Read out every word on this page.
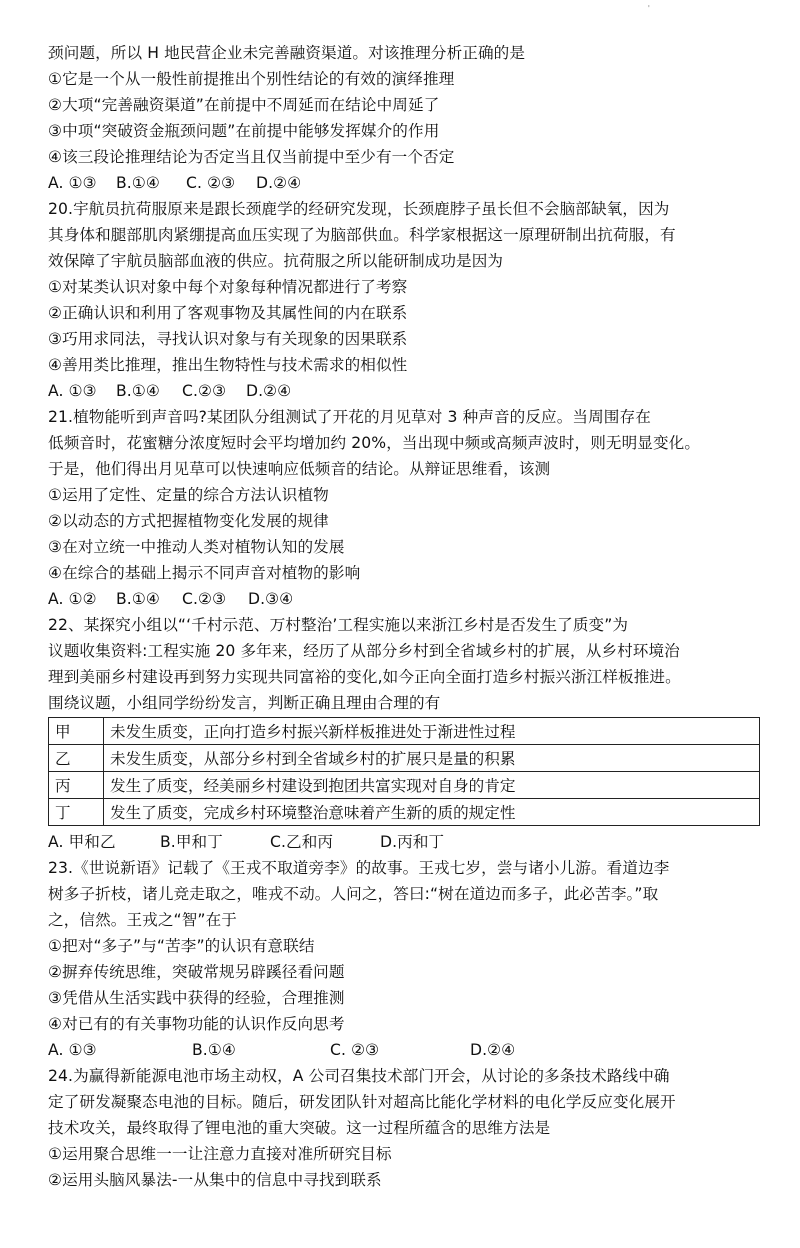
'
颈问题，所以 H 地民营企业未完善融资渠道。对该推理分析正确的是
①它是一个从一般性前提推出个别性结论的有效的演绎推理
②大项“完善融资渠道”在前提中不周延而在结论中周延了
③中项“突破资金瓶颈问题”在前提中能够发挥媒介的作用
④该三段论推理结论为否定当且仅当前提中至少有一个否定
A. ①③	B.①④	C. ②③	D.②④
20.宇航员抗荷服原来是跟长颈鹿学的经研究发现，长颈鹿脖子虽长但不会脑部缺氧，因为
其身体和腿部肌肉紧绷提高血压实现了为脑部供血。科学家根据这一原理研制出抗荷服，有
效保障了宇航员脑部血液的供应。抗荷服之所以能研制成功是因为
①对某类认识对象中每个对象每种情况都进行了考察
②正确认识和利用了客观事物及其属性间的内在联系
③巧用求同法，寻找认识对象与有关现象的因果联系
④善用类比推理，推出生物特性与技术需求的相似性
A. ①③	B.①④	C.②③	D.②④
21.植物能听到声音吗?某团队分组测试了开花的月见草对 3 种声音的反应。当周围存在
低频音时，花蜜糖分浓度短时会平均增加约 20%，当出现中频或高频声波时，则无明显变化。
于是，他们得出月见草可以快速响应低频音的结论。从辩证思维看，该测
①运用了定性、定量的综合方法认识植物
②以动态的方式把握植物变化发展的规律
③在对立统一中推动人类对植物认知的发展
④在综合的基础上揭示不同声音对植物的影响
A. ①②	B.①④	C.②③	D.③④
22、某探究小组以“‘千村示范、万村整治’工程实施以来浙江乡村是否发生了质变”为
议题收集资料:工程实施 20 多年来，经历了从部分乡村到全省域乡村的扩展，从乡村环境治
理到美丽乡村建设再到努力实现共同富裕的变化,如今正向全面打造乡村振兴浙江样板推进。
围绕议题，小组同学纷纷发言，判断正确且理由合理的有
甲	未发生质变，正向打造乡村振兴新样板推进处于渐进性过程
乙	未发生质变，从部分乡村到全省域乡村的扩展只是量的积累
丙	发生了质变，经美丽乡村建设到抱团共富实现对自身的肯定
丁	发生了质变，完成乡村环境整治意味着产生新的质的规定性
A. 甲和乙	B.甲和丁	C.乙和丙	D.丙和丁
23.《世说新语》记载了《王戎不取道旁李》的故事。王戎七岁，尝与诸小儿游。看道边李
树多子折枝，诸儿竞走取之，唯戎不动。人问之，答曰:“树在道边而多子，此必苦李。”取
之，信然。王戎之“智”在于
①把对“多子”与“苦李”的认识有意联结
②摒弃传统思维，突破常规另辟蹊径看问题
③凭借从生活实践中获得的经验，合理推测
④对已有的有关事物功能的认识作反向思考
A. ①③	B.①④	C. ②③	D.②④
24.为赢得新能源电池市场主动权，A 公司召集技术部门开会，从讨论的多条技术路线中确
定了研发凝聚态电池的目标。随后，研发团队针对超高比能化学材料的电化学反应变化展开
技术攻关，最终取得了锂电池的重大突破。这一过程所蕴含的思维方法是
①运用聚合思维一一让注意力直接对准所研究目标
②运用头脑风暴法-一从集中的信息中寻找到联系
